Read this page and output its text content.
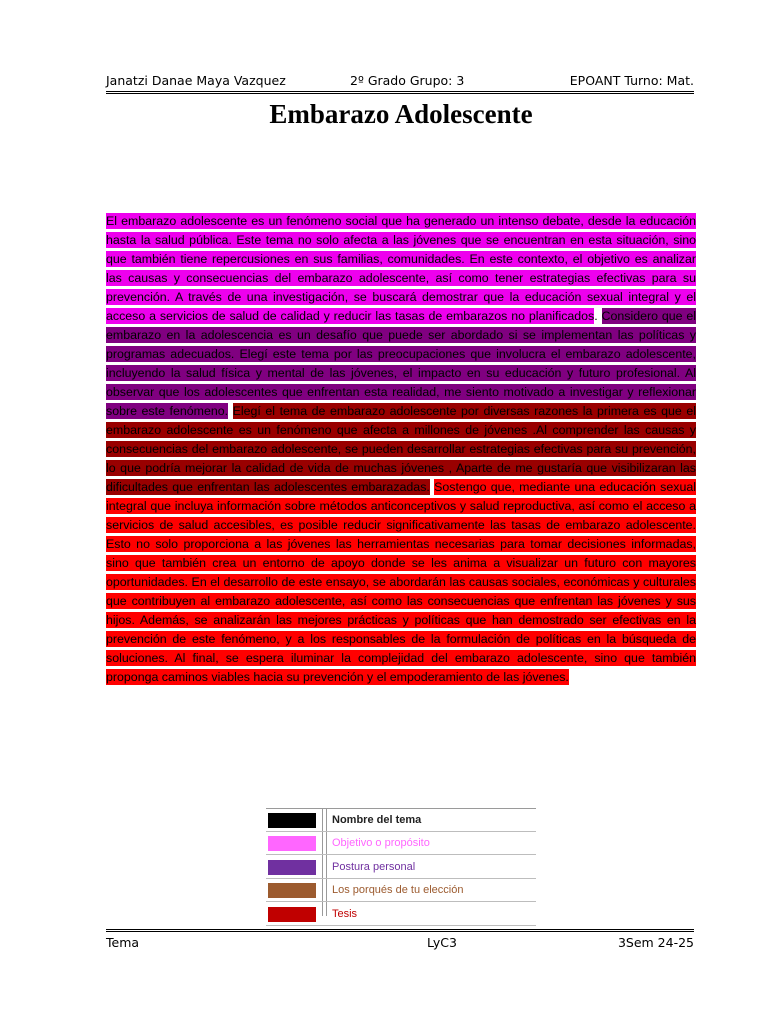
Janatzi Danae Maya Vazquez	2º Grado Grupo: 3	EPOANT Turno: Mat.
Embarazo Adolescente

El embarazo adolescente es un fenómeno social que ha generado un intenso debate, desde la educación hasta la salud pública. Este tema no solo afecta a las jóvenes que se encuentran en esta situación, sino que también tiene repercusiones en sus familias, comunidades. En este contexto, el objetivo es analizar las causas y consecuencias del embarazo adolescente, así como tener estrategias efectivas para su prevención. A través de una investigación, se buscará demostrar que la educación sexual integral y el acceso a servicios de salud de calidad y reducir las tasas de embarazos no planificados. Considero que el embarazo en la adolescencia es un desafío que puede ser abordado si se implementan las políticas y programas adecuados. Elegí este tema por las preocupaciones que involucra el embarazo adolescente, incluyendo la salud física y mental de las jóvenes, el impacto en su educación y futuro profesional. Al observar que los adolescentes que enfrentan esta realidad, me siento motivado a investigar y reflexionar sobre este fenómeno. Elegí el tema de embarazo adolescente por diversas razones la primera es que el embarazo adolescente es un fenómeno que afecta a millones de jóvenes .Al comprender las causas y consecuencias del embarazo adolescente, se pueden desarrollar estrategias efectivas para su prevención, lo que podría mejorar la calidad de vida de muchas jóvenes , Aparte de me gustaría que visibilizaran las dificultades que enfrentan las adolescentes embarazadas. Sostengo que, mediante una educación sexual integral que incluya información sobre métodos anticonceptivos y salud reproductiva, así como el acceso a servicios de salud accesibles, es posible reducir significativamente las tasas de embarazo adolescente. Esto no solo proporciona a las jóvenes las herramientas necesarias para tomar decisiones informadas, sino que también crea un entorno de apoyo donde se les anima a visualizar un futuro con mayores oportunidades. En el desarrollo de este ensayo, se abordarán las causas sociales, económicas y culturales que contribuyen al embarazo adolescente, así como las consecuencias que enfrentan las jóvenes y sus hijos. Además, se analizarán las mejores prácticas y políticas que han demostrado ser efectivas en la prevención de este fenómeno, y a los responsables de la formulación de políticas en la búsqueda de soluciones. Al final, se espera iluminar la complejidad del embarazo adolescente, sino que también proponga caminos viables hacia su prevención y el empoderamiento de las jóvenes.

Nombre del tema
Objetivo o propósito
Postura personal
Los porqués de tu elección
Tesis
Tema	LyC3	3Sem 24-25
